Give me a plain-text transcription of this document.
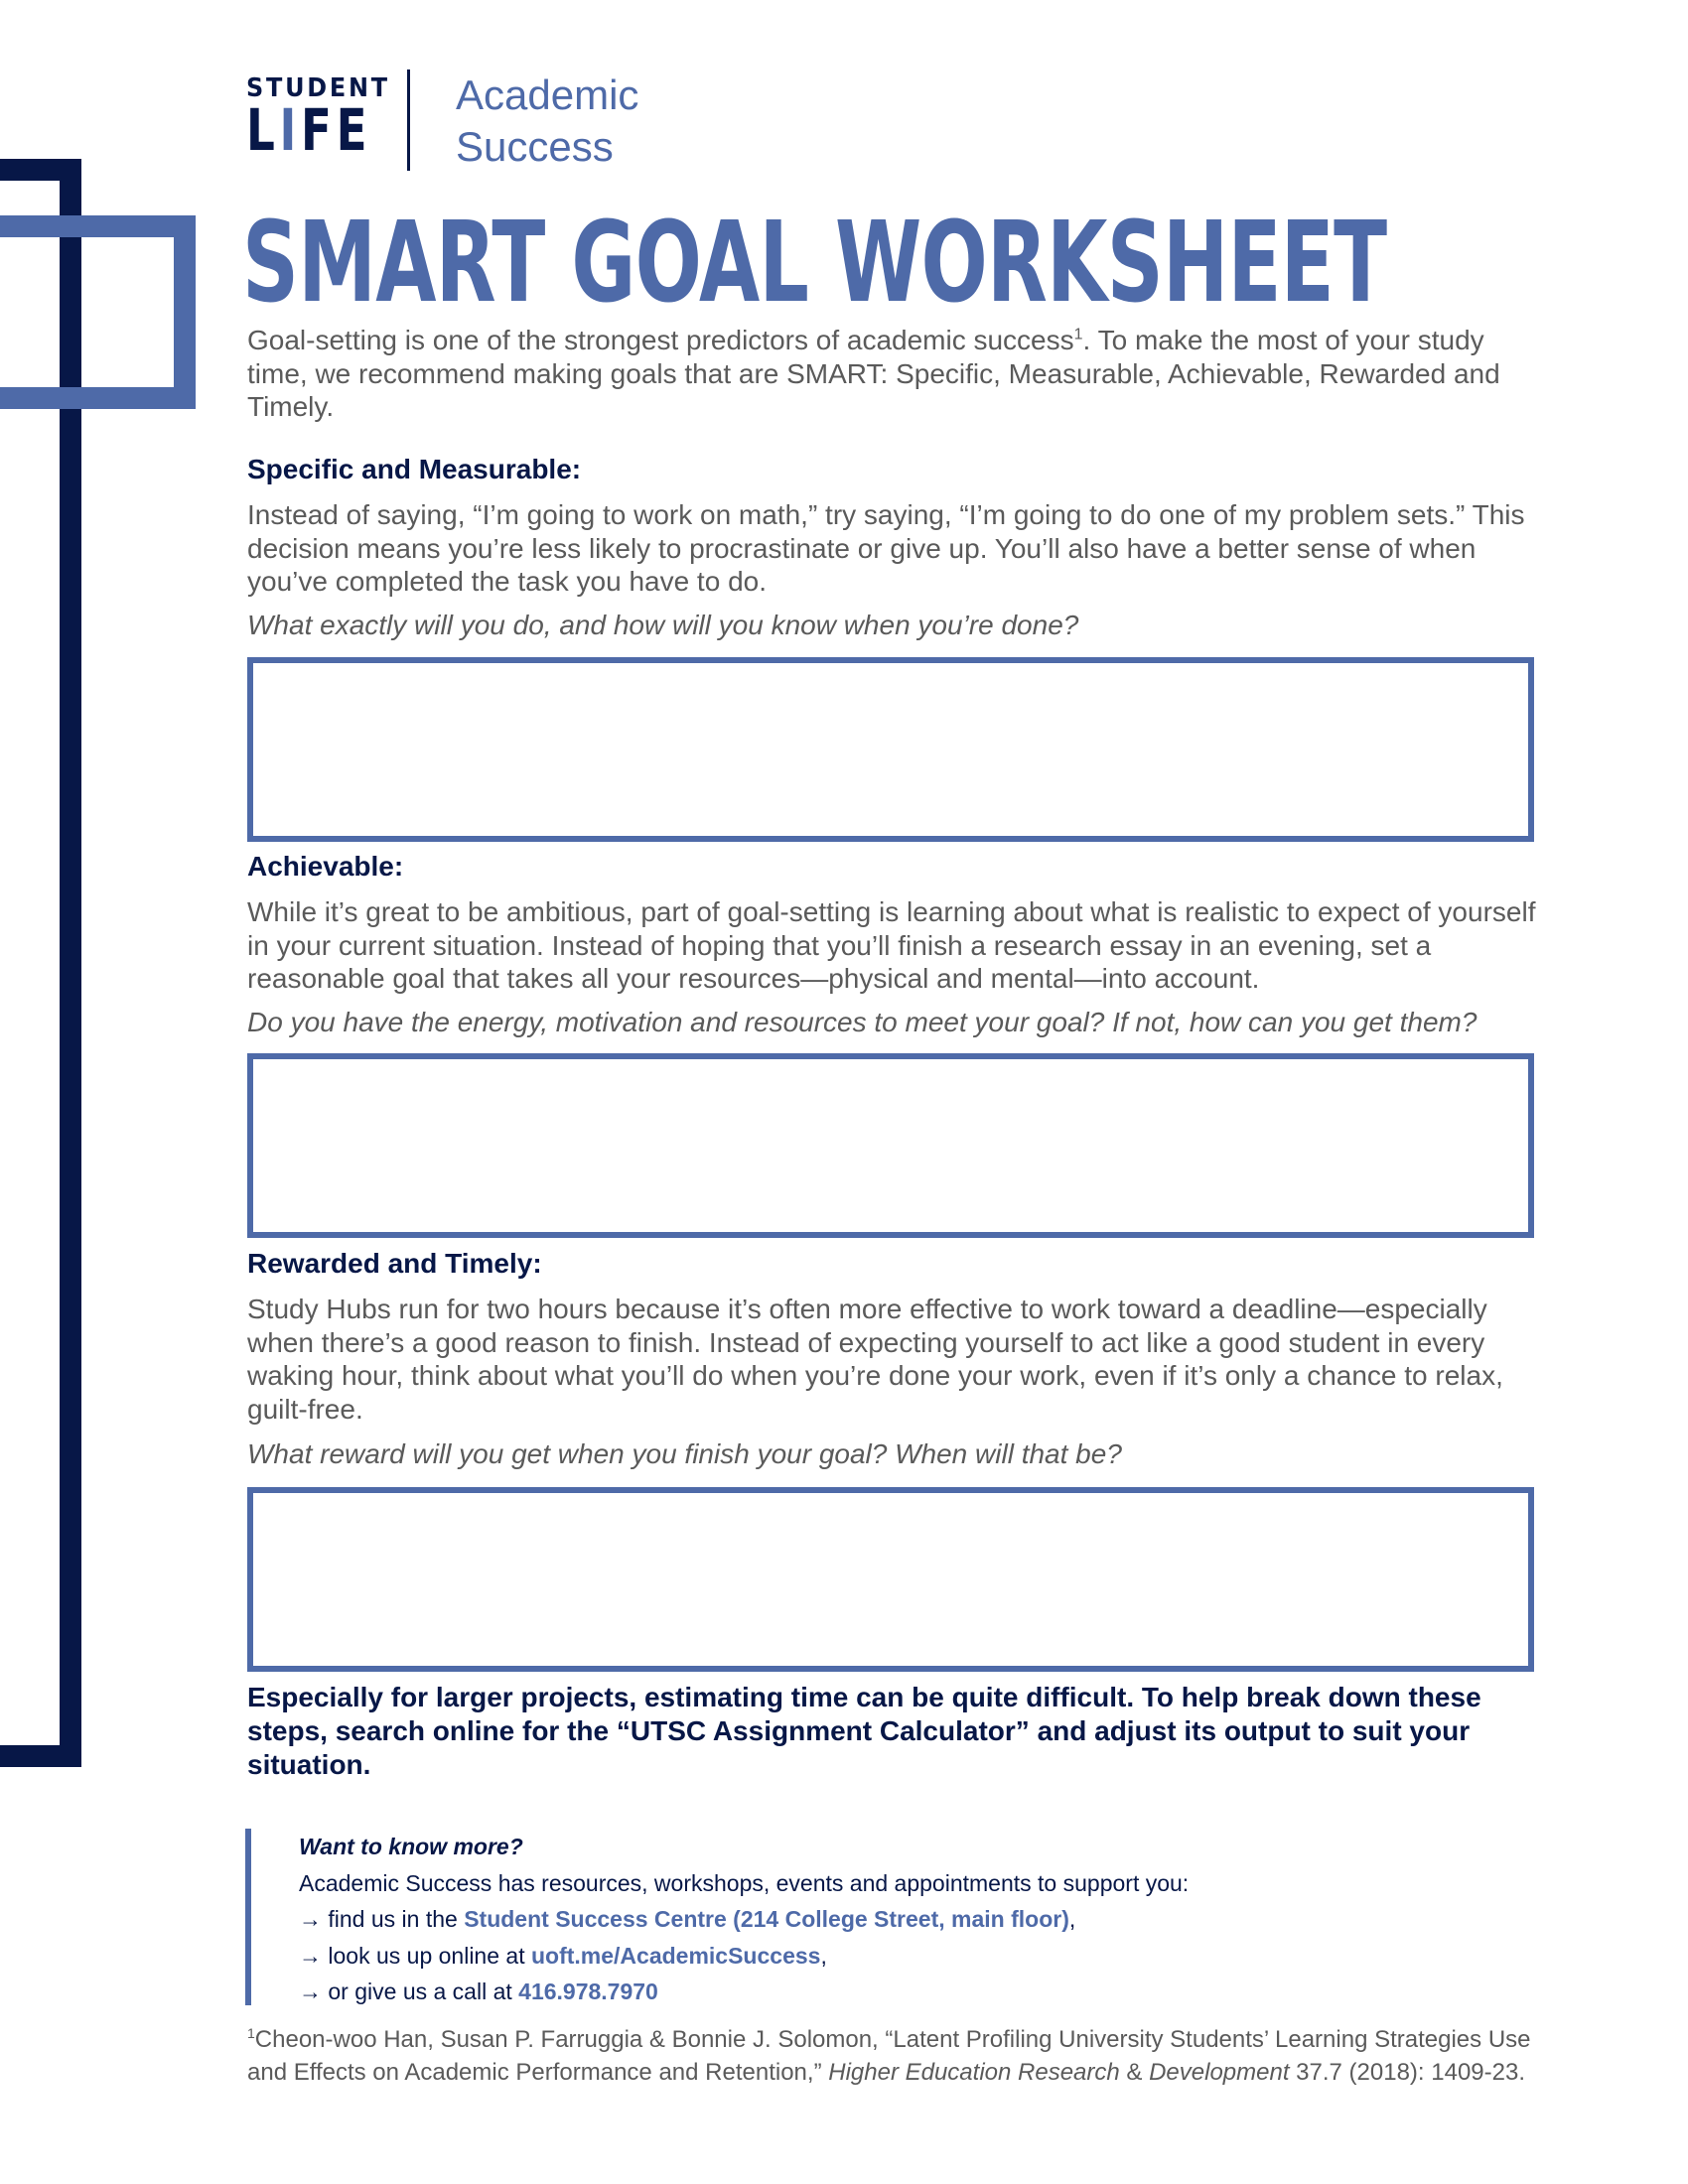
STUDENT
LIFE
Academic
Success
SMART GOAL WORKSHEET

Goal-setting is one of the strongest predictors of academic success$^1$. To make the most of your study time, we recommend making goals that are SMART: Specific, Measurable, Achievable, Rewarded and Timely.

Specific and Measurable:

Instead of saying, “I’m going to work on math,” try saying, “I’m going to do one of my problem sets.” This decision means you’re less likely to procrastinate or give up. You’ll also have a better sense of when you’ve completed the task you have to do.

What exactly will you do, and how will you know when you’re done?

Achievable:

While it’s great to be ambitious, part of goal-setting is learning about what is realistic to expect of yourself in your current situation. Instead of hoping that you’ll finish a research essay in an evening, set a reasonable goal that takes all your resources—physical and mental—into account.

Do you have the energy, motivation and resources to meet your goal? If not, how can you get them?

Rewarded and Timely:

Study Hubs run for two hours because it’s often more effective to work toward a deadline—especially when there’s a good reason to finish. Instead of expecting yourself to act like a good student in every waking hour, think about what you’ll do when you’re done your work, even if it’s only a chance to relax, guilt-free.

What reward will you get when you finish your goal? When will that be?

Especially for larger projects, estimating time can be quite difficult. To help break down these steps, search online for the “UTSC Assignment Calculator” and adjust its output to suit your situation.

Want to know more?
Academic Success has resources, workshops, events and appointments to support you:
→ find us in the Student Success Centre (214 College Street, main floor),
→ look us up online at uoft.me/AcademicSuccess,
→ or give us a call at 416.978.7970

$^1$Cheon-woo Han, Susan P. Farruggia & Bonnie J. Solomon, “Latent Profiling University Students’ Learning Strategies Use and Effects on Academic Performance and Retention,” Higher Education Research & Development 37.7 (2018): 1409-23.
